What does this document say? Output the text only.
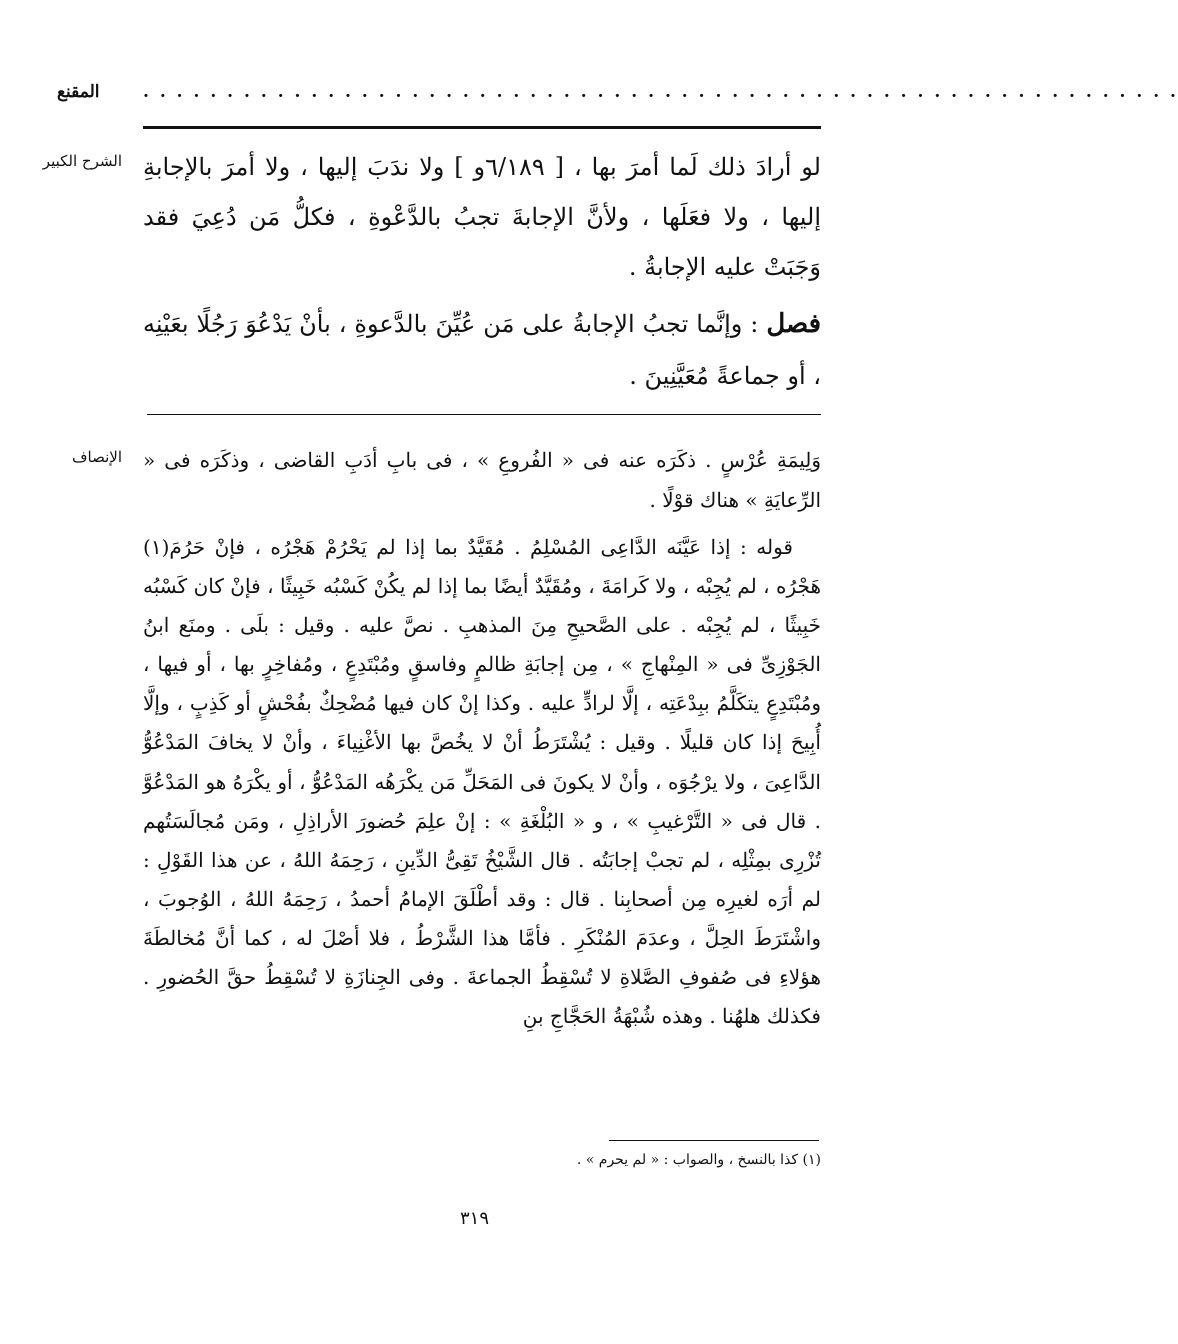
المقنع	. . . . . . . . . . . . . . . . . . . . . . . . . . . . . . . . . . . . . . . . . . . . . . . . . . . . . . . . . . . . . .
الشرح الكبير لو أرادَ ذلك لَما أمرَ بها ، [ ٦/١٨٩و ] ولا ندَبَ إليها ، ولا أمرَ بالإجابةِ إليها ، ولا فعَلَها ، ولأنَّ الإجابةَ تجبُ بالدَّعْوةِ ، فكلُّ مَن دُعِيَ فقد وَجَبَتْ عليه الإجابةُ .

فصل : وإنَّما تجبُ الإجابةُ على مَن عُيِّنَ بالدَّعوةِ ، بأنْ يَدْعُوَ رَجُلًا بعَيْنِه ، أو جماعةً مُعَيَّنِينَ .

الإنصاف وَلِيمَةِ عُرْسٍ . ذكَرَه عنه فى « الفُروعِ » ، فى بابِ أدَبِ القاضى ، وذكَرَه فى « الرِّعايَةِ » هناك قوْلًا .

قوله : إذا عَيَّنَه الدَّاعِى المُسْلِمُ . مُقَيَّدٌ بما إذا لم يَحْرُمْ هَجْرُه ، فإنْ حَرُمَ(١) هَجْرُه ، لم يُجِبْه ، ولا كَرامَةَ ، ومُقَيَّدٌ أيضًا بما إذا لم يكُنْ كَسْبُه خَبِيثًا ، فإنْ كان كَسْبُه خَبِيثًا ، لم يُجِبْه . على الصَّحيحِ مِنَ المذهبِ . نصَّ عليه . وقيل : بلَى . ومنَع ابنُ الجَوْزِىِّ فى « المِنْهاجِ » ، مِن إجابَةِ ظالمٍ وفاسقٍ ومُبْتَدِعٍ ، ومُفاخِرٍ بها ، أو فيها ، ومُبْتَدِعٍ يتكَلَّمُ ببِدْعَتِه ، إلَّا لرادٍّ عليه . وكذا إنْ كان فيها مُضْحِكٌ بفُحْشٍ أو كَذِبٍ ، وإلَّا أُبِيحَ إذا كان قليلًا . وقيل : يُشْتَرَطُ أنْ لا يخُصَّ بها الأغْنِياءَ ، وأنْ لا يخافَ المَدْعُوُّ الدَّاعِىَ ، ولا يرْجُوَه ، وأنْ لا يكونَ فى المَحَلِّ مَن يكْرَهُه المَدْعُوُّ ، أو يكْرَهُ هو المَدْعُوَّ . قال فى « التَّرْغيبِ » ، و « البُلْغَةِ » : إنْ علِمَ حُضورَ الأراذِلِ ، ومَن مُجالَسَتُهم تُزْرِى بمِثْلِه ، لم تجبْ إجابَتُه . قال الشَّيْخُ تَقِىُّ الدِّينِ ، رَحِمَهُ اللهُ ، عن هذا القَوْلِ : لم أرَه لغيرِه مِن أصحابِنا . قال : وقد أطْلَقَ الإمامُ أحمدُ ، رَحِمَهُ اللهُ ، الوُجوبَ ، واشْتَرَطَ الحِلَّ ، وعدَمَ المُنْكَرِ . فأمَّا هذا الشَّرْطُ ، فلا أصْلَ له ، كما أنَّ مُخالطَةَ هؤلاءِ فى صُفوفِ الصَّلاةِ لا تُسْقِطُ الجماعةَ . وفى الجِنازَةِ لا تُسْقِطُ حقَّ الحُضورِ . فكذلك هلهُنا . وهذه شُبْهَةُ الحَجَّاجِ بنِ

(١) كذا بالنسخ ، والصواب : « لم يحرم » .
٣١٩
